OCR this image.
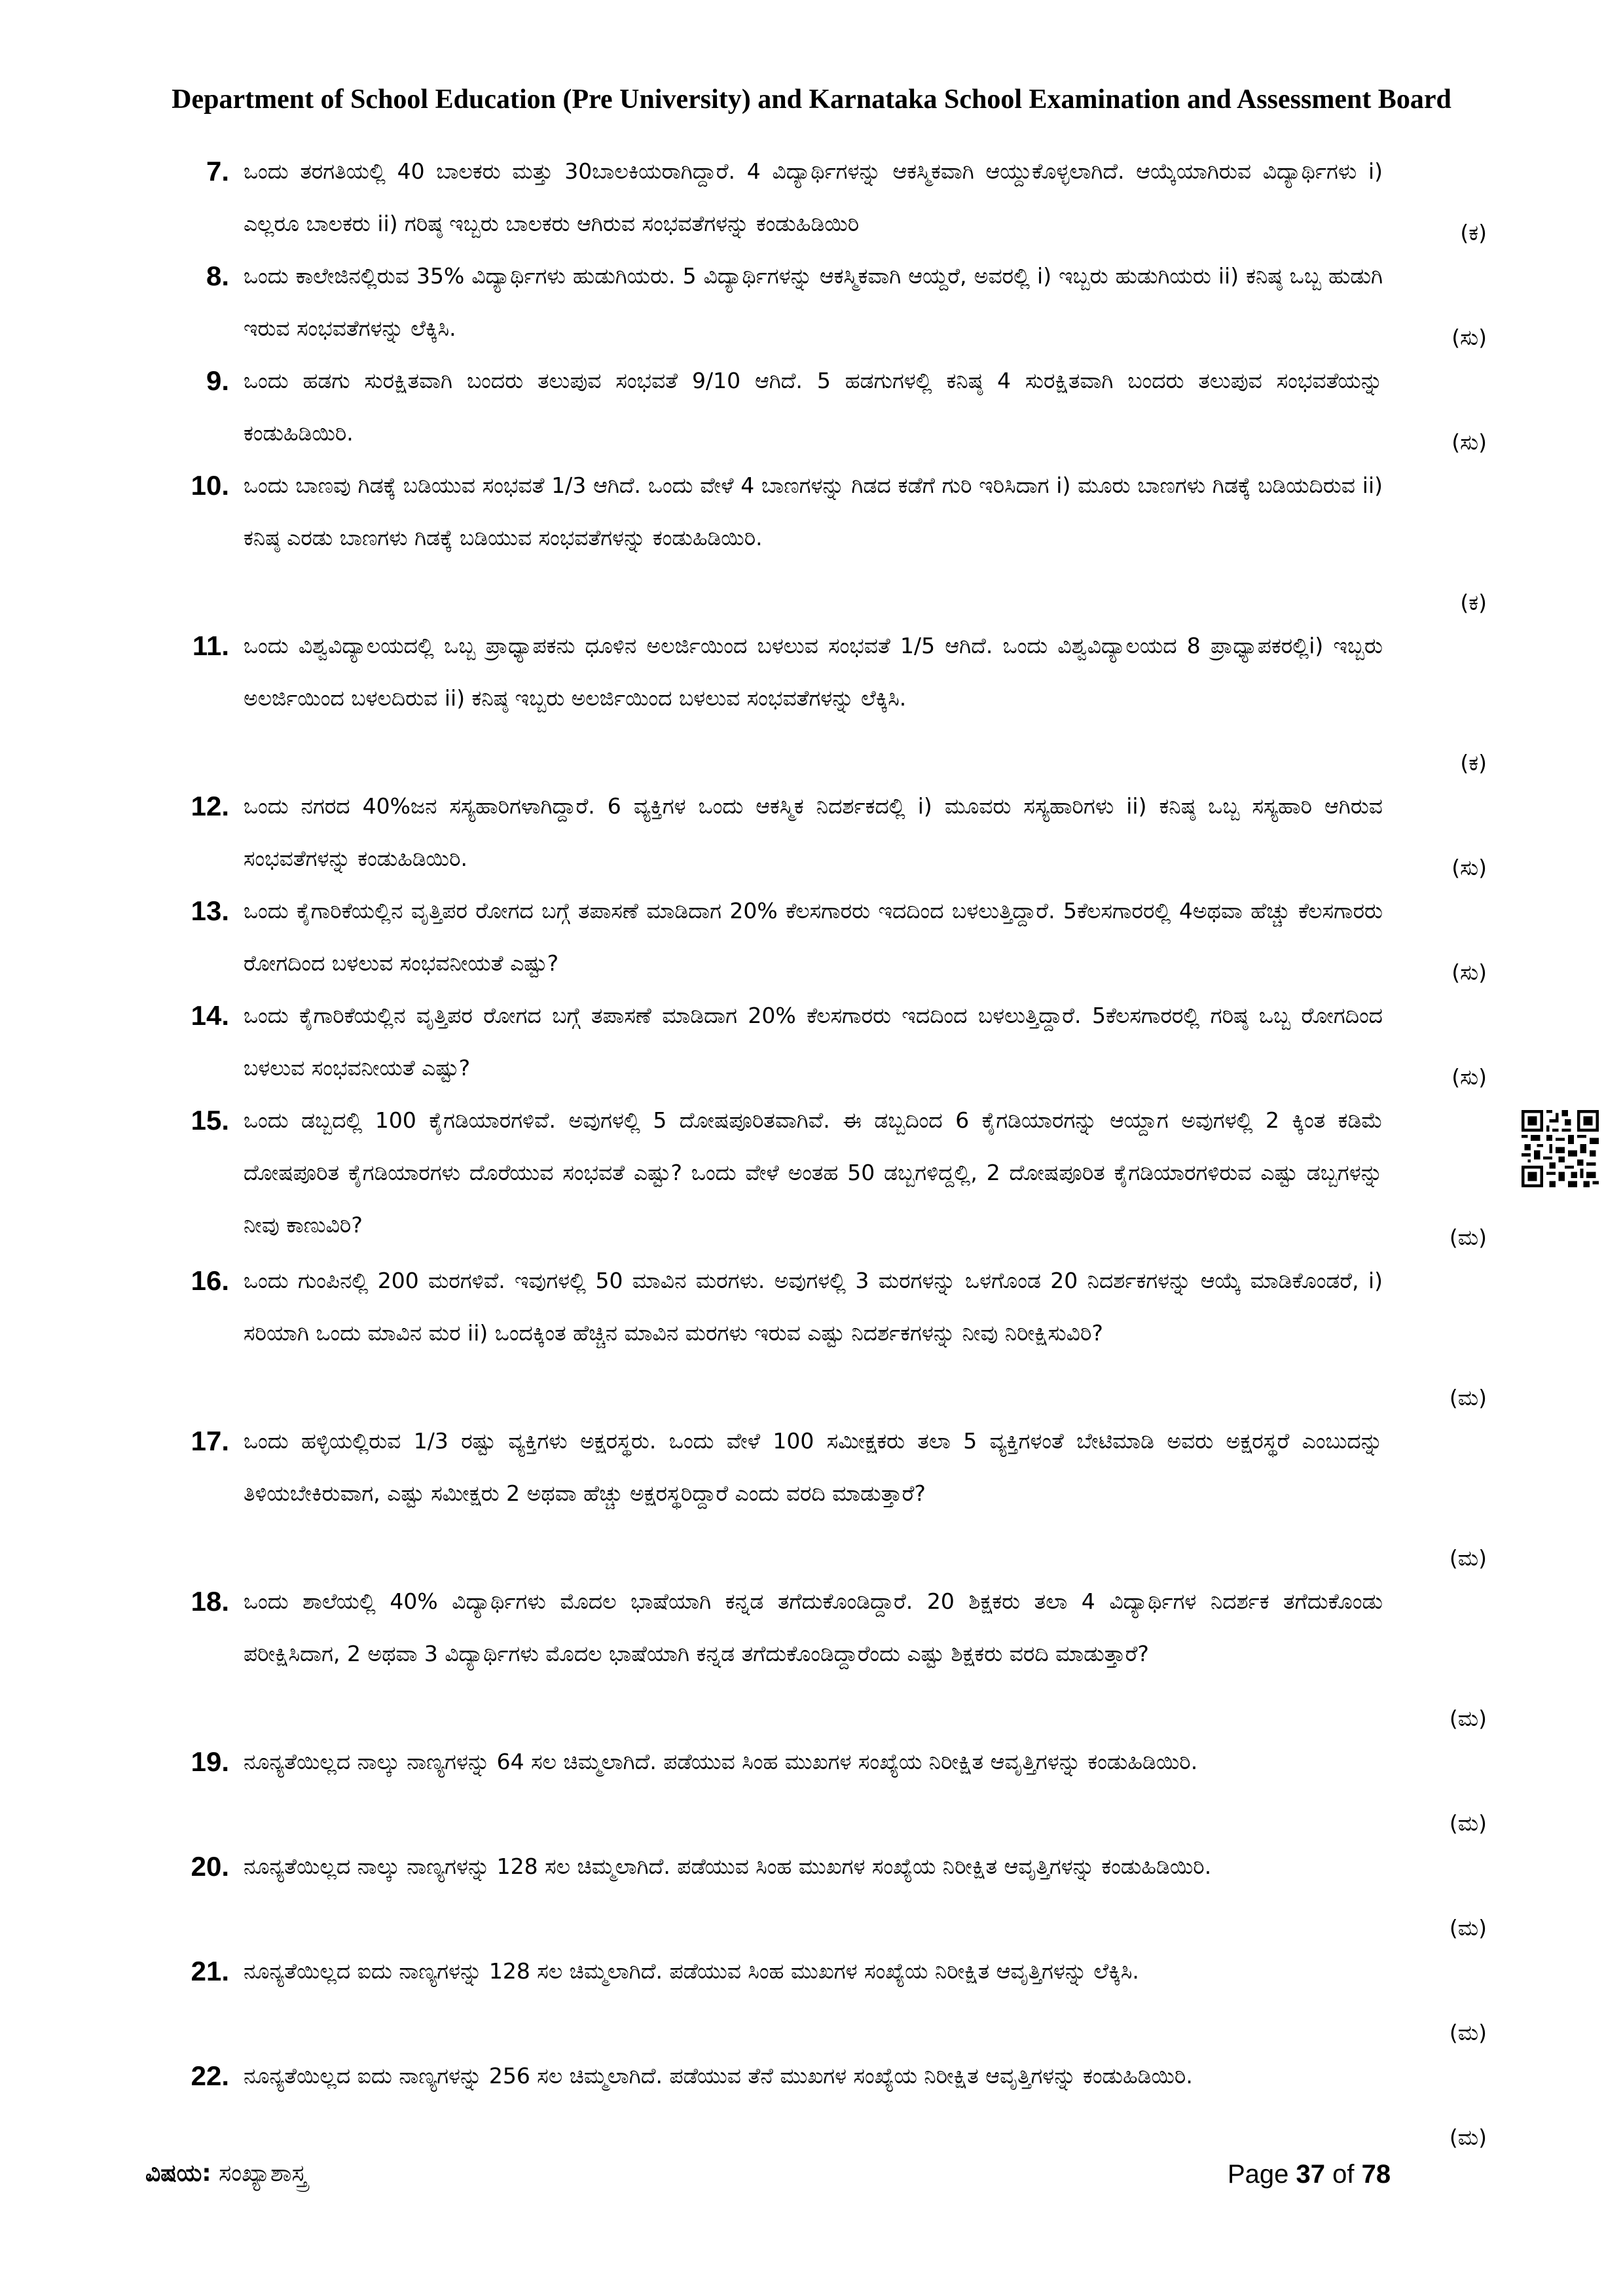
Department of School Education (Pre University) and Karnataka School Examination and Assessment Board
7. ಒಂದು ತರಗತಿಯಲ್ಲಿ 40 ಬಾಲಕರು ಮತ್ತು 30ಬಾಲಕಿಯರಾಗಿದ್ದಾರೆ. 4 ವಿದ್ಯಾರ್ಥಿಗಳನ್ನು ಆಕಸ್ಮಿಕವಾಗಿ ಆಯ್ದುಕೊಳ್ಳಲಾಗಿದೆ. ಆಯ್ಕೆಯಾಗಿರುವ ವಿದ್ಯಾರ್ಥಿಗಳು i) ಎಲ್ಲರೂ ಬಾಲಕರು ii) ಗರಿಷ್ಠ ಇಬ್ಬರು ಬಾಲಕರು ಆಗಿರುವ ಸಂಭವತೆಗಳನ್ನು ಕಂಡುಹಿಡಿಯಿರಿ	(ಕ)
8. ಒಂದು ಕಾಲೇಜಿನಲ್ಲಿರುವ 35% ವಿದ್ಯಾರ್ಥಿಗಳು ಹುಡುಗಿಯರು. 5 ವಿದ್ಯಾರ್ಥಿಗಳನ್ನು ಆಕಸ್ಮಿಕವಾಗಿ ಆಯ್ದರೆ, ಅವರಲ್ಲಿ i) ಇಬ್ಬರು ಹುಡುಗಿಯರು ii) ಕನಿಷ್ಠ ಒಬ್ಬ ಹುಡುಗಿ ಇರುವ ಸಂಭವತೆಗಳನ್ನು ಲೆಕ್ಕಿಸಿ.	(ಸು)
9. ಒಂದು ಹಡಗು ಸುರಕ್ಷಿತವಾಗಿ ಬಂದರು ತಲುಪುವ ಸಂಭವತೆ 9/10 ಆಗಿದೆ. 5 ಹಡಗುಗಳಲ್ಲಿ ಕನಿಷ್ಠ 4 ಸುರಕ್ಷಿತವಾಗಿ ಬಂದರು ತಲುಪುವ ಸಂಭವತೆಯನ್ನು ಕಂಡುಹಿಡಿಯಿರಿ.	(ಸು)
10. ಒಂದು ಬಾಣವು ಗಿಡಕ್ಕೆ ಬಡಿಯುವ ಸಂಭವತೆ 1/3 ಆಗಿದೆ. ಒಂದು ವೇಳೆ 4 ಬಾಣಗಳನ್ನು ಗಿಡದ ಕಡೆಗೆ ಗುರಿ ಇರಿಸಿದಾಗ i) ಮೂರು ಬಾಣಗಳು ಗಿಡಕ್ಕೆ ಬಡಿಯದಿರುವ ii) ಕನಿಷ್ಠ ಎರಡು ಬಾಣಗಳು ಗಿಡಕ್ಕೆ ಬಡಿಯುವ ಸಂಭವತೆಗಳನ್ನು ಕಂಡುಹಿಡಿಯಿರಿ.
(ಕ)
11. ಒಂದು ವಿಶ್ವವಿದ್ಯಾಲಯದಲ್ಲಿ ಒಬ್ಬ ಪ್ರಾಧ್ಯಾಪಕನು ಧೂಳಿನ ಅಲರ್ಜಿಯಿಂದ ಬಳಲುವ ಸಂಭವತೆ 1/5 ಆಗಿದೆ. ಒಂದು ವಿಶ್ವವಿದ್ಯಾಲಯದ 8 ಪ್ರಾಧ್ಯಾಪಕರಲ್ಲಿi) ಇಬ್ಬರು ಅಲರ್ಜಿಯಿಂದ ಬಳಲದಿರುವ ii) ಕನಿಷ್ಠ ಇಬ್ಬರು ಅಲರ್ಜಿಯಿಂದ ಬಳಲುವ ಸಂಭವತೆಗಳನ್ನು ಲೆಕ್ಕಿಸಿ.
(ಕ)
12. ಒಂದು ನಗರದ 40%ಜನ ಸಸ್ಯಹಾರಿಗಳಾಗಿದ್ದಾರೆ. 6 ವ್ಯಕ್ತಿಗಳ ಒಂದು ಆಕಸ್ಮಿಕ ನಿದರ್ಶಕದಲ್ಲಿ i) ಮೂವರು ಸಸ್ಯಹಾರಿಗಳು ii) ಕನಿಷ್ಠ ಒಬ್ಬ ಸಸ್ಯಹಾರಿ ಆಗಿರುವ ಸಂಭವತೆಗಳನ್ನು ಕಂಡುಹಿಡಿಯಿರಿ.	(ಸು)
13. ಒಂದು ಕೈಗಾರಿಕೆಯಲ್ಲಿನ ವೃತ್ತಿಪರ ರೋಗದ ಬಗ್ಗೆ ತಪಾಸಣೆ ಮಾಡಿದಾಗ 20% ಕೆಲಸಗಾರರು ಇದದಿಂದ ಬಳಲುತ್ತಿದ್ದಾರೆ. 5ಕೆಲಸಗಾರರಲ್ಲಿ 4ಅಥವಾ ಹೆಚ್ಚು ಕೆಲಸಗಾರರು ರೋಗದಿಂದ ಬಳಲುವ ಸಂಭವನೀಯತೆ ಎಷ್ಟು?	(ಸು)
14. ಒಂದು ಕೈಗಾರಿಕೆಯಲ್ಲಿನ ವೃತ್ತಿಪರ ರೋಗದ ಬಗ್ಗೆ ತಪಾಸಣೆ ಮಾಡಿದಾಗ 20% ಕೆಲಸಗಾರರು ಇದದಿಂದ ಬಳಲುತ್ತಿದ್ದಾರೆ. 5ಕೆಲಸಗಾರರಲ್ಲಿ ಗರಿಷ್ಠ ಒಬ್ಬ ರೋಗದಿಂದ ಬಳಲುವ ಸಂಭವನೀಯತೆ ಎಷ್ಟು?	(ಸು)
15. ಒಂದು ಡಬ್ಬದಲ್ಲಿ 100 ಕೈಗಡಿಯಾರಗಳಿವೆ. ಅವುಗಳಲ್ಲಿ 5 ದೋಷಪೂರಿತವಾಗಿವೆ. ಈ ಡಬ್ಬದಿಂದ 6 ಕೈಗಡಿಯಾರಗನ್ನು ಆಯ್ದಾಗ ಅವುಗಳಲ್ಲಿ 2 ಕ್ಕಿಂತ ಕಡಿಮೆ ದೋಷಪೂರಿತ ಕೈಗಡಿಯಾರಗಳು ದೊರೆಯುವ ಸಂಭವತೆ ಎಷ್ಟು? ಒಂದು ವೇಳೆ ಅಂತಹ 50 ಡಬ್ಬಗಳಿದ್ದಲ್ಲಿ, 2 ದೋಷಪೂರಿತ ಕೈಗಡಿಯಾರಗಳಿರುವ ಎಷ್ಟು ಡಬ್ಬಗಳನ್ನು ನೀವು ಕಾಣುವಿರಿ?	(ಮ)
16. ಒಂದು ಗುಂಪಿನಲ್ಲಿ 200 ಮರಗಳಿವೆ. ಇವುಗಳಲ್ಲಿ 50 ಮಾವಿನ ಮರಗಳು. ಅವುಗಳಲ್ಲಿ 3 ಮರಗಳನ್ನು ಒಳಗೊಂಡ 20 ನಿದರ್ಶಕಗಳನ್ನು ಆಯ್ಕೆ ಮಾಡಿಕೊಂಡರೆ, i) ಸರಿಯಾಗಿ ಒಂದು ಮಾವಿನ ಮರ ii) ಒಂದಕ್ಕಿಂತ ಹೆಚ್ಚಿನ ಮಾವಿನ ಮರಗಳು ಇರುವ ಎಷ್ಟು ನಿದರ್ಶಕಗಳನ್ನು ನೀವು ನಿರೀಕ್ಷಿಸುವಿರಿ?
(ಮ)
17. ಒಂದು ಹಳ್ಳಿಯಲ್ಲಿರುವ 1/3 ರಷ್ಟು ವ್ಯಕ್ತಿಗಳು ಅಕ್ಷರಸ್ಥರು. ಒಂದು ವೇಳೆ 100 ಸಮೀಕ್ಷಕರು ತಲಾ 5 ವ್ಯಕ್ತಿಗಳಂತೆ ಬೇಟಿಮಾಡಿ ಅವರು ಅಕ್ಷರಸ್ಥರೆ ಎಂಬುದನ್ನು ತಿಳಿಯಬೇಕಿರುವಾಗ, ಎಷ್ಟು ಸಮೀಕ್ಷರು 2 ಅಥವಾ ಹೆಚ್ಚು ಅಕ್ಷರಸ್ಥರಿದ್ದಾರೆ ಎಂದು ವರದಿ ಮಾಡುತ್ತಾರೆ?
(ಮ)
18. ಒಂದು ಶಾಲೆಯಲ್ಲಿ 40% ವಿದ್ಯಾರ್ಥಿಗಳು ಮೊದಲ ಭಾಷೆಯಾಗಿ ಕನ್ನಡ ತಗೆದುಕೊಂಡಿದ್ದಾರೆ. 20 ಶಿಕ್ಷಕರು ತಲಾ 4 ವಿದ್ಯಾರ್ಥಿಗಳ ನಿದರ್ಶಕ ತಗೆದುಕೊಂಡು ಪರೀಕ್ಷಿಸಿದಾಗ, 2 ಅಥವಾ 3 ವಿದ್ಯಾರ್ಥಿಗಳು ಮೊದಲ ಭಾಷೆಯಾಗಿ ಕನ್ನಡ ತಗೆದುಕೊಂಡಿದ್ದಾರೆಂದು ಎಷ್ಟು ಶಿಕ್ಷಕರು ವರದಿ ಮಾಡುತ್ತಾರೆ?
(ಮ)
19. ನೂನ್ಯತೆಯಿಲ್ಲದ ನಾಲ್ಕು ನಾಣ್ಯಗಳನ್ನು 64 ಸಲ ಚಿಮ್ಮಲಾಗಿದೆ. ಪಡೆಯುವ ಸಿಂಹ ಮುಖಗಳ ಸಂಖ್ಯೆಯ ನಿರೀಕ್ಷಿತ ಆವೃತ್ತಿಗಳನ್ನು ಕಂಡುಹಿಡಿಯಿರಿ.
(ಮ)
20. ನೂನ್ಯತೆಯಿಲ್ಲದ ನಾಲ್ಕು ನಾಣ್ಯಗಳನ್ನು 128 ಸಲ ಚಿಮ್ಮಲಾಗಿದೆ. ಪಡೆಯುವ ಸಿಂಹ ಮುಖಗಳ ಸಂಖ್ಯೆಯ ನಿರೀಕ್ಷಿತ ಆವೃತ್ತಿಗಳನ್ನು ಕಂಡುಹಿಡಿಯಿರಿ.
(ಮ)
21. ನೂನ್ಯತೆಯಿಲ್ಲದ ಐದು ನಾಣ್ಯಗಳನ್ನು 128 ಸಲ ಚಿಮ್ಮಲಾಗಿದೆ. ಪಡೆಯುವ ಸಿಂಹ ಮುಖಗಳ ಸಂಖ್ಯೆಯ ನಿರೀಕ್ಷಿತ ಆವೃತ್ತಿಗಳನ್ನು ಲೆಕ್ಕಿಸಿ.
(ಮ)
22. ನೂನ್ಯತೆಯಿಲ್ಲದ ಐದು ನಾಣ್ಯಗಳನ್ನು 256 ಸಲ ಚಿಮ್ಮಲಾಗಿದೆ. ಪಡೆಯುವ ತೆನೆ ಮುಖಗಳ ಸಂಖ್ಯೆಯ ನಿರೀಕ್ಷಿತ ಆವೃತ್ತಿಗಳನ್ನು ಕಂಡುಹಿಡಿಯಿರಿ.
(ಮ)
ವಿಷಯ: ಸಂಖ್ಯಾಶಾಸ್ತ್ರ	Page 37 of 78
